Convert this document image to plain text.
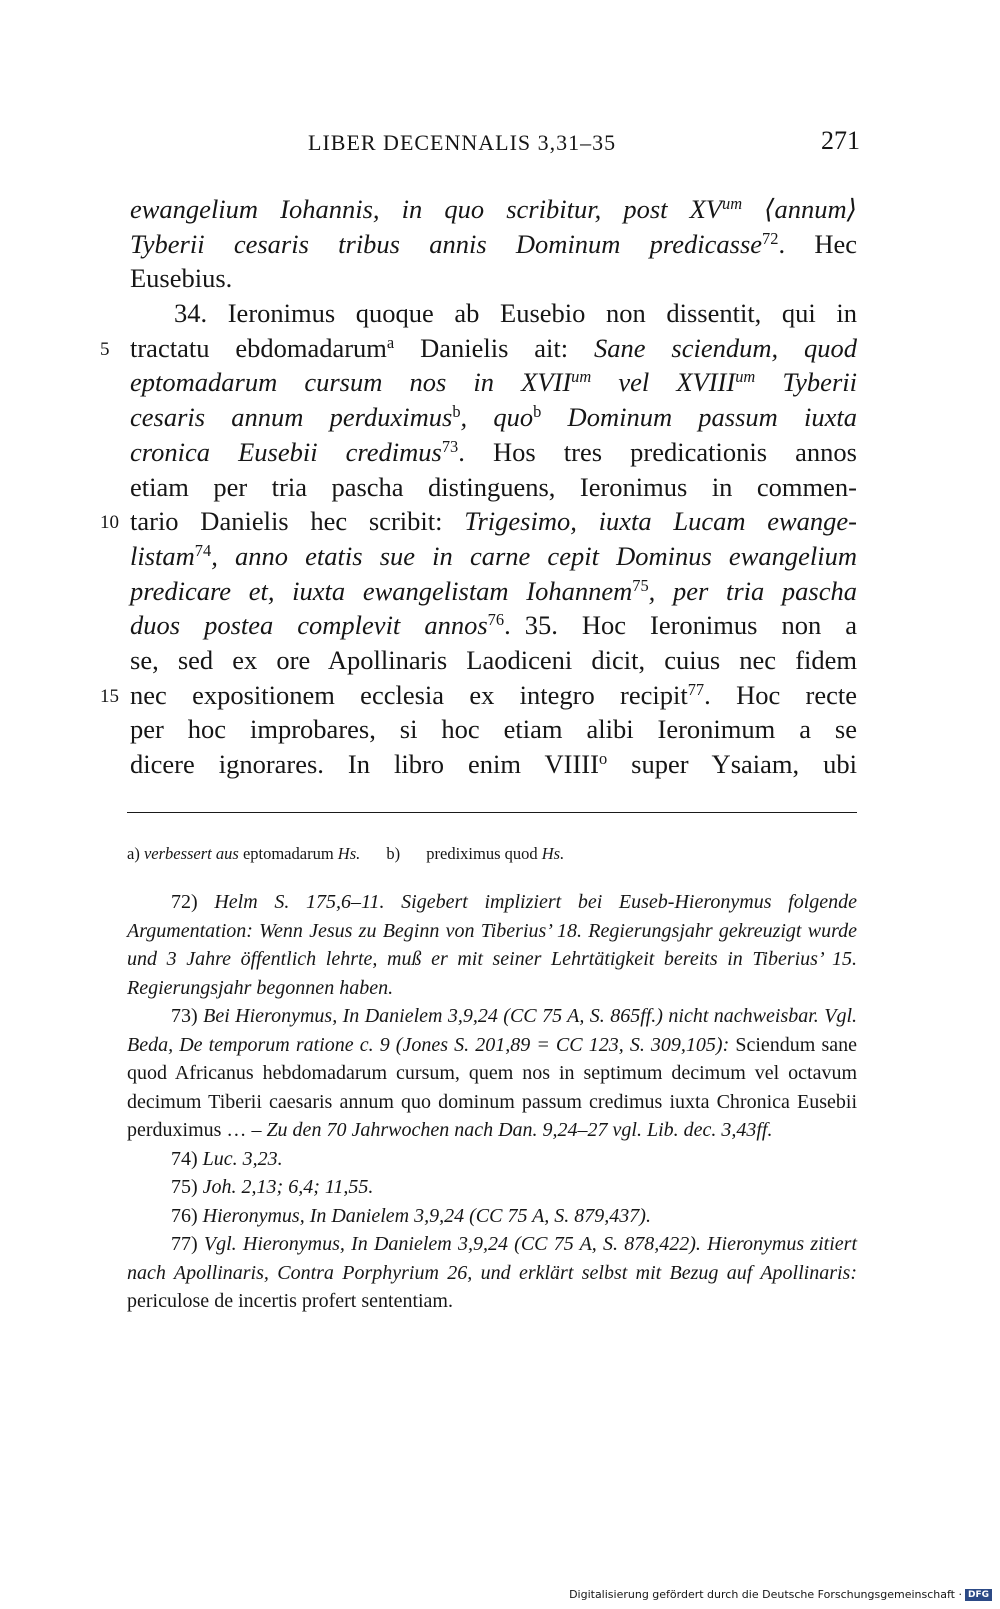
LIBER DECENNALIS 3,31–35	271
ewangelium Iohannis, in quo scribitur, post $XV^{um}$ ⟨annum⟩
Tyberii cesaris tribus annis Dominum predicasse$^{72}$. Hec
Eusebius.
34. Ieronimus quoque ab Eusebio non dissentit, qui in
5 tractatu ebdomadarum$^a$ Danielis ait: Sane sciendum, quod
eptomadarum cursum nos in $XVII^{um}$ vel $XVIII^{um}$ Tyberii
cesaris annum perduximus$^b$, quo$^b$ Dominum passum iuxta
cronica Eusebii credimus$^{73}$. Hos tres predicationis annos
etiam per tria pascha distinguens, Ieronimus in commen-
10 tario Danielis hec scribit: Trigesimo, iuxta Lucam ewange-
listam$^{74}$, anno etatis sue in carne cepit Dominus ewangelium
predicare et, iuxta ewangelistam Iohannem$^{75}$, per tria pascha
duos postea complevit annos$^{76}$. 35. Hoc Ieronimus non a
se, sed ex ore Apollinaris Laodiceni dicit, cuius nec fidem
15 nec expositionem ecclesia ex integro recipit$^{77}$. Hoc recte
per hoc improbares, si hoc etiam alibi Ieronimum a se
dicere ignorares. In libro enim VIIII$^o$ super Ysaiam, ubi
a) verbessert aus eptomadarum Hs. b) prediximus quod Hs.

72) Helm S. 175,6–11. Sigebert impliziert bei Euseb-Hieronymus folgende Argumentation: Wenn Jesus zu Beginn von Tiberius’ 18. Regierungsjahr gekreuzigt wurde und 3 Jahre öffentlich lehrte, muß er mit seiner Lehrtätigkeit bereits in Tiberius’ 15. Regierungsjahr begonnen haben.

73) Bei Hieronymus, In Danielem 3,9,24 (CC 75 A, S. 865ff.) nicht nachweisbar. Vgl. Beda, De temporum ratione c. 9 (Jones S. 201,89 = CC 123, S. 309,105): Sciendum sane quod Africanus hebdomadarum cursum, quem nos in septimum decimum vel octavum decimum Tiberii caesaris annum quo dominum passum credimus iuxta Chronica Eusebii perduximus … – Zu den 70 Jahrwochen nach Dan. 9,24–27 vgl. Lib. dec. 3,43ff.

74) Luc. 3,23.

75) Joh. 2,13; 6,4; 11,55.

76) Hieronymus, In Danielem 3,9,24 (CC 75 A, S. 879,437).

77) Vgl. Hieronymus, In Danielem 3,9,24 (CC 75 A, S. 878,422). Hieronymus zitiert nach Apollinaris, Contra Porphyrium 26, und erklärt selbst mit Bezug auf Apollinaris: periculose de incertis profert sententiam.

Digitalisierung gefördert durch die Deutsche Forschungsgemeinschaft · DFG
